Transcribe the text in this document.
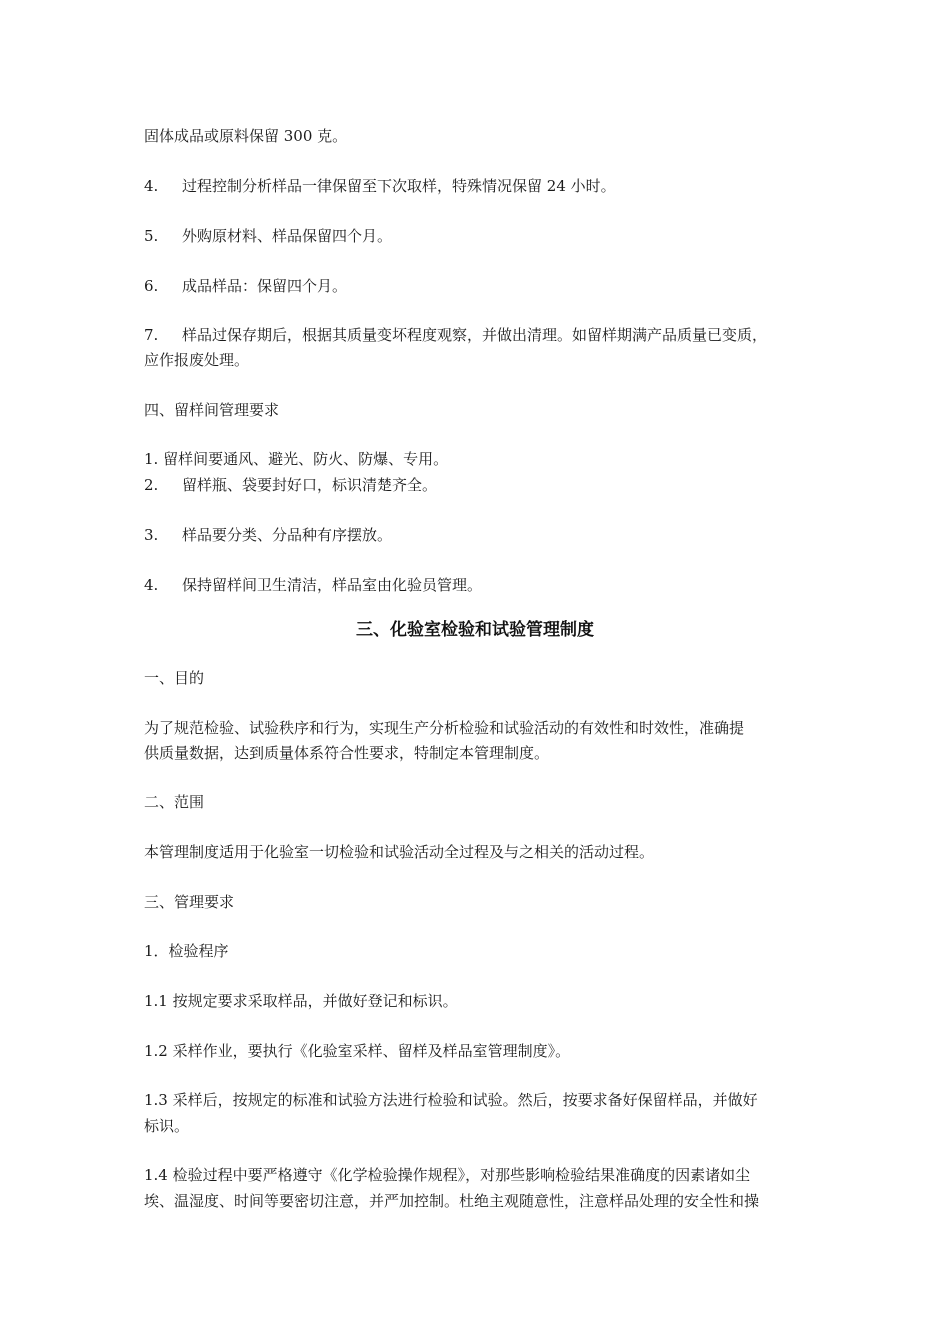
固体成品或原料保留 300 克。
4. 过程控制分析样品一律保留至下次取样，特殊情况保留 24 小时。
5. 外购原材料、样品保留四个月。
6. 成品样品：保留四个月。
7. 样品过保存期后，根据其质量变坏程度观察，并做出清理。如留样期满产品质量已变质，
应作报废处理。
四、留样间管理要求
1. 留样间要通风、避光、防火、防爆、专用。
2. 留样瓶、袋要封好口，标识清楚齐全。
3. 样品要分类、分品种有序摆放。
4. 保持留样间卫生清洁，样品室由化验员管理。
三、化验室检验和试验管理制度
一、目的
为了规范检验、试验秩序和行为，实现生产分析检验和试验活动的有效性和时效性，准确提
供质量数据，达到质量体系符合性要求，特制定本管理制度。
二、范围
本管理制度适用于化验室一切检验和试验活动全过程及与之相关的活动过程。
三、管理要求
1．检验程序
1.1 按规定要求采取样品，并做好登记和标识。
1.2 采样作业，要执行《化验室采样、留样及样品室管理制度》。
1.3 采样后，按规定的标准和试验方法进行检验和试验。然后，按要求备好保留样品，并做好
标识。
1.4 检验过程中要严格遵守《化学检验操作规程》，对那些影响检验结果准确度的因素诸如尘
埃、温湿度、时间等要密切注意，并严加控制。杜绝主观随意性，注意样品处理的安全性和操
